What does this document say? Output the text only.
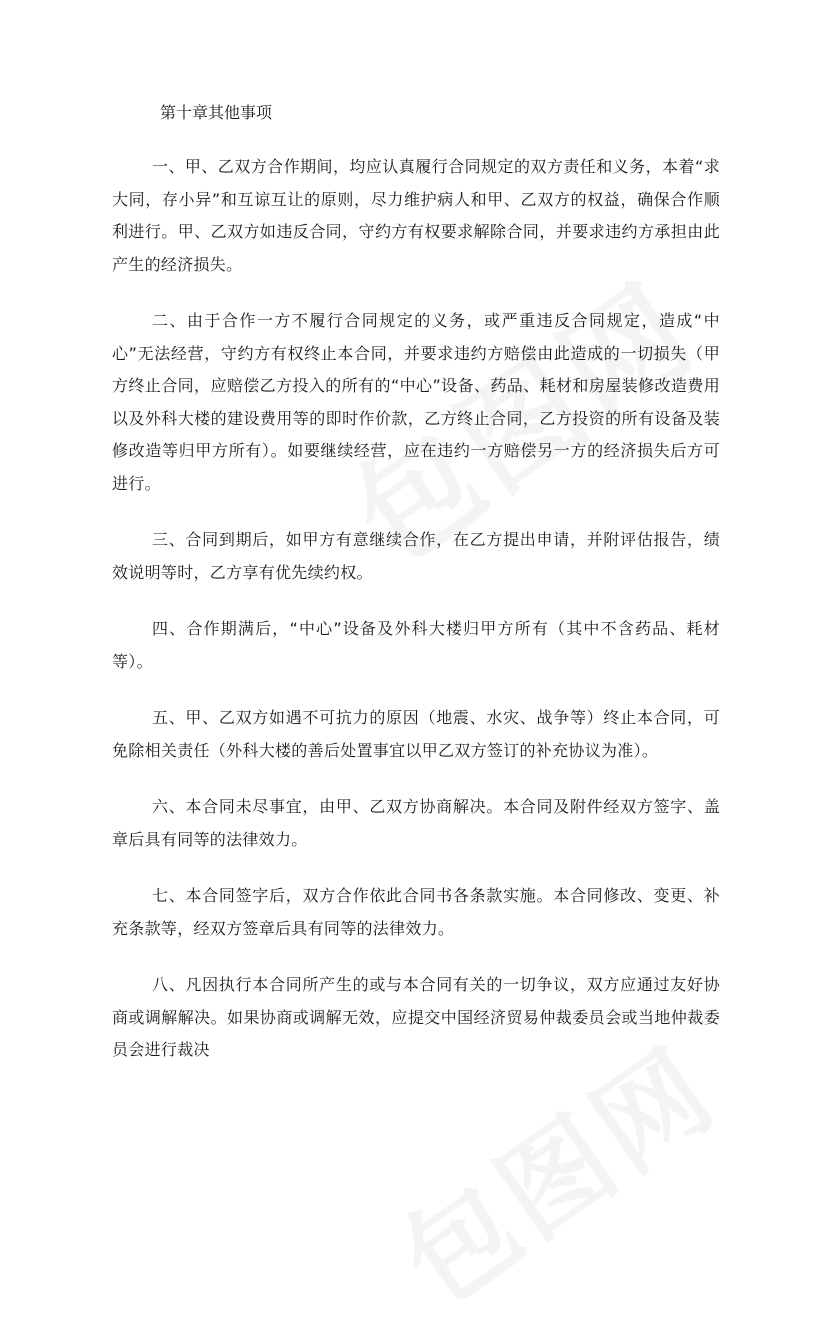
第十章其他事项

一、甲、乙双方合作期间，均应认真履行合同规定的双方责任和义务，本着“求大同，存小异”和互谅互让的原则，尽力维护病人和甲、乙双方的权益，确保合作顺利进行。甲、乙双方如违反合同，守约方有权要求解除合同，并要求违约方承担由此产生的经济损失。

二、由于合作一方不履行合同规定的义务，或严重违反合同规定，造成“中心”无法经营，守约方有权终止本合同，并要求违约方赔偿由此造成的一切损失（甲方终止合同，应赔偿乙方投入的所有的“中心”设备、药品、耗材和房屋装修改造费用以及外科大楼的建设费用等的即时作价款，乙方终止合同，乙方投资的所有设备及装修改造等归甲方所有）。如要继续经营，应在违约一方赔偿另一方的经济损失后方可进行。

三、合同到期后，如甲方有意继续合作，在乙方提出申请，并附评估报告，绩效说明等时，乙方享有优先续约权。

四、合作期满后，“中心”设备及外科大楼归甲方所有（其中不含药品、耗材等）。

五、甲、乙双方如遇不可抗力的原因（地震、水灾、战争等）终止本合同，可免除相关责任（外科大楼的善后处置事宜以甲乙双方签订的补充协议为准）。

六、本合同未尽事宜，由甲、乙双方协商解决。本合同及附件经双方签字、盖章后具有同等的法律效力。

七、本合同签字后，双方合作依此合同书各条款实施。本合同修改、变更、补充条款等，经双方签章后具有同等的法律效力。

八、凡因执行本合同所产生的或与本合同有关的一切争议，双方应通过友好协商或调解解决。如果协商或调解无效，应提交中国经济贸易仲裁委员会或当地仲裁委员会进行裁决
